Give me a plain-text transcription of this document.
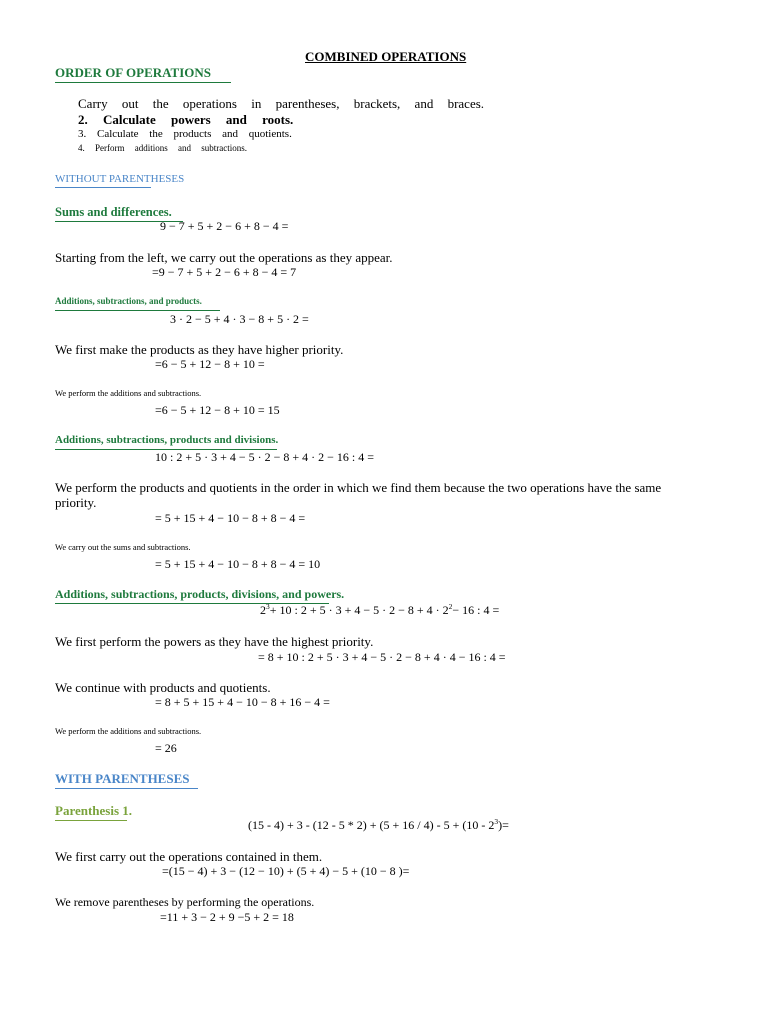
COMBINED OPERATIONS
ORDER OF OPERATIONS
Carry out the operations in parentheses, brackets, and braces.
2. Calculate powers and roots.
3. Calculate the products and quotients.
4. Perform additions and subtractions.
WITHOUT PARENTHESES
Sums and differences.
9 − 7 + 5 + 2 − 6 + 8 − 4 =
Starting from the left, we carry out the operations as they appear.
=9 − 7 + 5 + 2 − 6 + 8 − 4 = 7
Additions, subtractions, and products.
3 · 2 − 5 + 4 · 3 − 8 + 5 · 2 =
We first make the products as they have higher priority.
=6 − 5 + 12 − 8 + 10 =
We perform the additions and subtractions.
=6 − 5 + 12 − 8 + 10 = 15
Additions, subtractions, products and divisions.
10 : 2 + 5 · 3 + 4 − 5 · 2 − 8 + 4 · 2 − 16 : 4 =
We perform the products and quotients in the order in which we find them because the two operations have the same
priority.
= 5 + 15 + 4 − 10 − 8 + 8 − 4 =
We carry out the sums and subtractions.
= 5 + 15 + 4 − 10 − 8 + 8 − 4 = 10
Additions, subtractions, products, divisions, and powers.
$2^3+ 10$ : $2 + 5 \cdot 3 + 4 - 5 \cdot 2 - 8 + 4 \cdot 2^2- 16$ : 4 =
We first perform the powers as they have the highest priority.
= 8 + 10 : 2 + 5 · 3 + 4 − 5 · 2 − 8 + 4 · 4 − 16 : 4 =
We continue with products and quotients.
= 8 + 5 + 15 + 4 − 10 − 8 + 16 − 4 =
We perform the additions and subtractions.
= 26
WITH PARENTHESES
Parenthesis 1.
$(15 - 4) + 3 - (12 - 5 * 2) + (5 + 16 / 4) - 5 + (10 - 2^3)=$
We first carry out the operations contained in them.
=(15 − 4) + 3 − (12 − 10) + (5 + 4) − 5 + (10 − 8 )=
We remove parentheses by performing the operations.
=11 + 3 − 2 + 9 −5 + 2 = 18
